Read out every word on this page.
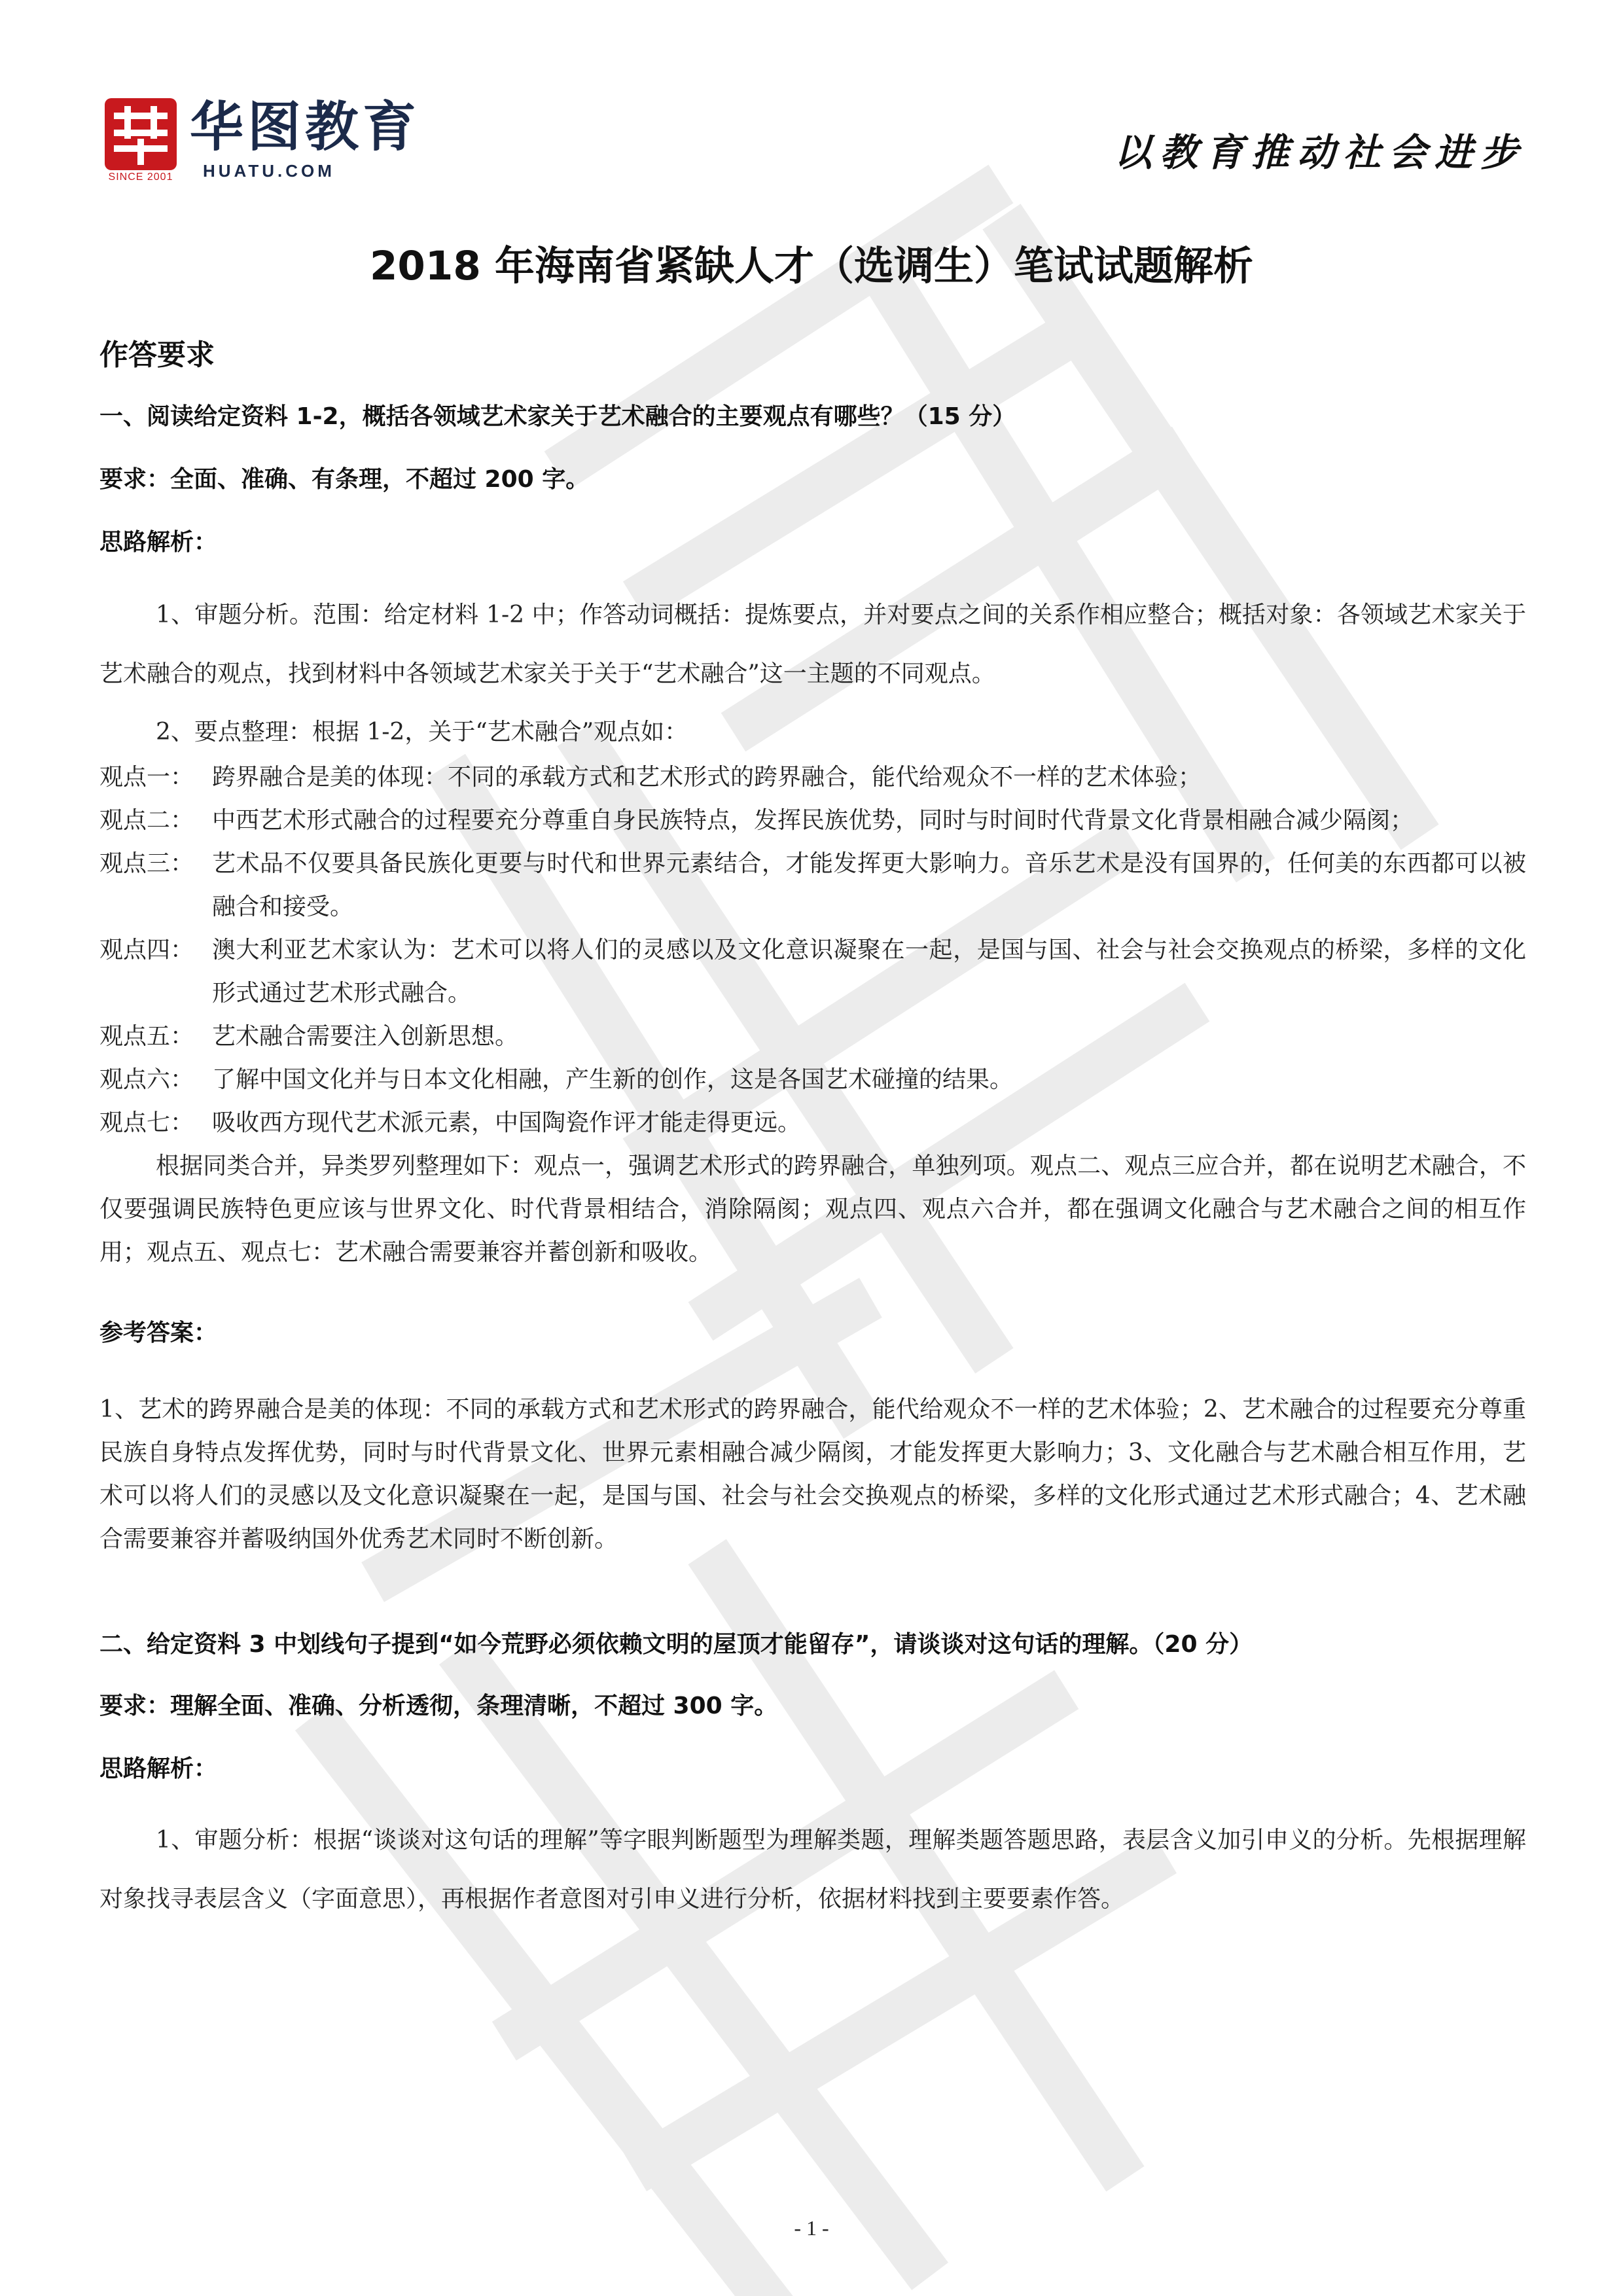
SINCE 2001
华图教育
HUATU.COM	以教育推动社会进步
2018 年海南省紧缺人才（选调生）笔试试题解析
作答要求
一、阅读给定资料 1-2，概括各领域艺术家关于艺术融合的主要观点有哪些？（15 分）
要求：全面、准确、有条理，不超过 200 字。
思路解析：
1、审题分析。范围：给定材料 1-2 中；作答动词概括：提炼要点，并对要点之间的关系作相应整合；概括对象：各领域艺术家关于艺术融合的观点，找到材料中各领域艺术家关于关于“艺术融合”这一主题的不同观点。
2、要点整理：根据 1-2，关于“艺术融合”观点如：
观点一： 跨界融合是美的体现：不同的承载方式和艺术形式的跨界融合，能代给观众不一样的艺术体验；
观点二： 中西艺术形式融合的过程要充分尊重自身民族特点，发挥民族优势，同时与时间时代背景文化背景相融合减少隔阂；
观点三： 艺术品不仅要具备民族化更要与时代和世界元素结合，才能发挥更大影响力。音乐艺术是没有国界的，任何美的东西都可以被融合和接受。
观点四： 澳大利亚艺术家认为：艺术可以将人们的灵感以及文化意识凝聚在一起，是国与国、社会与社会交换观点的桥梁，多样的文化形式通过艺术形式融合。
观点五： 艺术融合需要注入创新思想。
观点六： 了解中国文化并与日本文化相融，产生新的创作，这是各国艺术碰撞的结果。
观点七： 吸收西方现代艺术派元素，中国陶瓷作评才能走得更远。
根据同类合并，异类罗列整理如下：观点一，强调艺术形式的跨界融合，单独列项。观点二、观点三应合并，都在说明艺术融合，不仅要强调民族特色更应该与世界文化、时代背景相结合，消除隔阂；观点四、观点六合并，都在强调文化融合与艺术融合之间的相互作用；观点五、观点七：艺术融合需要兼容并蓄创新和吸收。
参考答案：
1、艺术的跨界融合是美的体现：不同的承载方式和艺术形式的跨界融合，能代给观众不一样的艺术体验；2、艺术融合的过程要充分尊重民族自身特点发挥优势，同时与时代背景文化、世界元素相融合减少隔阂，才能发挥更大影响力；3、文化融合与艺术融合相互作用，艺术可以将人们的灵感以及文化意识凝聚在一起，是国与国、社会与社会交换观点的桥梁，多样的文化形式通过艺术形式融合；4、艺术融合需要兼容并蓄吸纳国外优秀艺术同时不断创新。
二、给定资料 3 中划线句子提到“如今荒野必须依赖文明的屋顶才能留存”，请谈谈对这句话的理解。（20 分）
要求：理解全面、准确、分析透彻，条理清晰，不超过 300 字。
思路解析：
1、审题分析：根据“谈谈对这句话的理解”等字眼判断题型为理解类题，理解类题答题思路，表层含义加引申义的分析。先根据理解对象找寻表层含义（字面意思），再根据作者意图对引申义进行分析，依据材料找到主要要素作答。
- 1 -
